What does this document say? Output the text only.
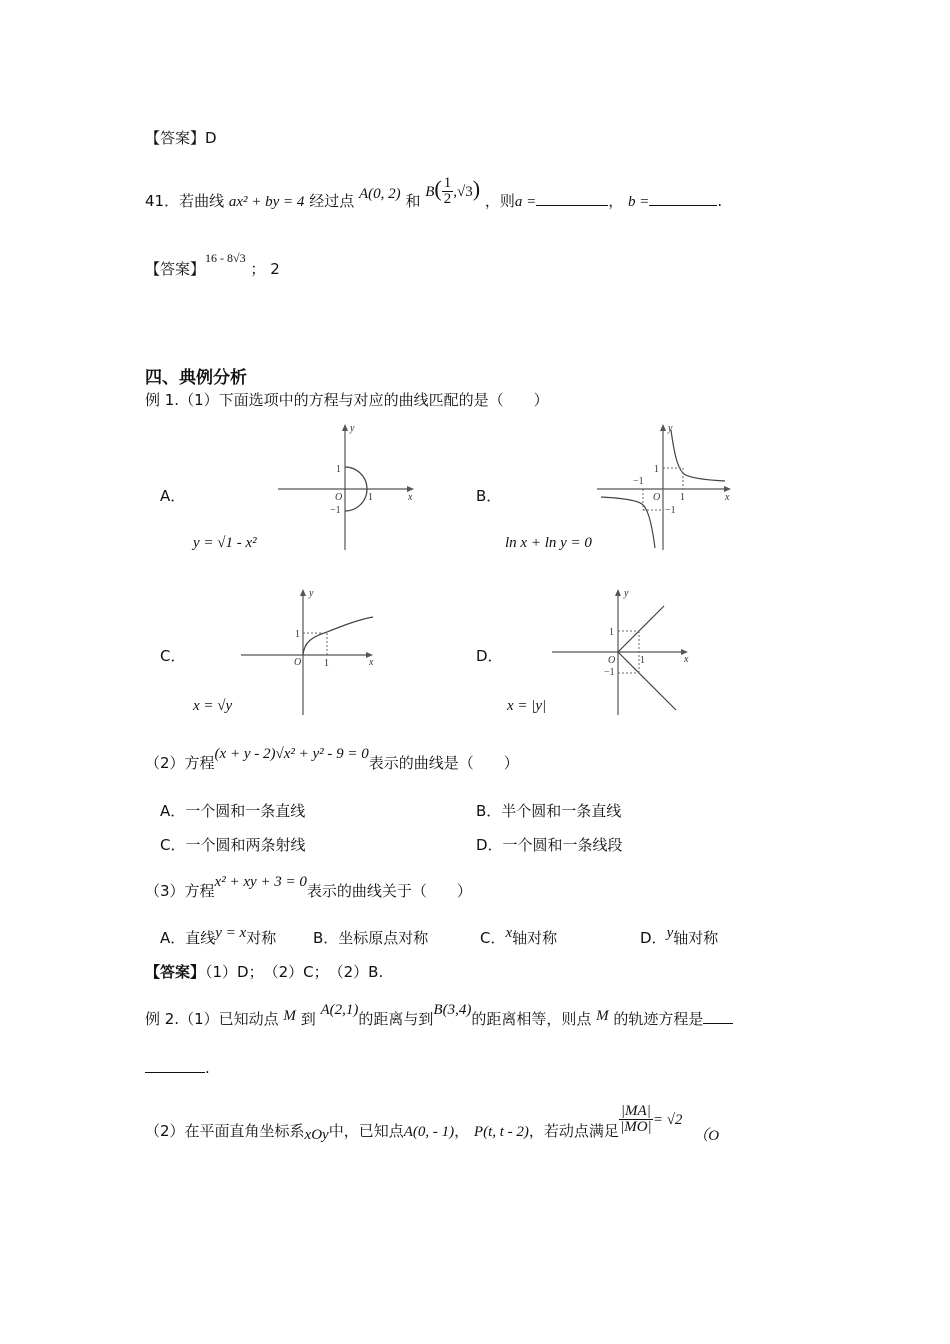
【答案】D
41．若曲线 ax² + by = 4 经过点 A(0, 2) 和 $B( \frac{1}{2} ,√3)$ ，则a =	， b =	.
【答案】$^{16 - 8√3}$ ； 2
四、典例分析
例 1.（1）下面选项中的方程与对应的曲线匹配的是（　　）
A．
y
x
O
1
1
−1
y = √1 - x²
B．
y
x
O
1
1
−1
−1
ln x + ln y = 0
C．
y
x
O
1
1
x = √y
D．
y
x
O
1
1
−1
x = |y|
（2）方程(x + y - 2)√x² + y² - 9 = 0表示的曲线是（　　）
A．一个圆和一条直线	B．半个圆和一条直线
C．一个圆和两条射线	D．一个圆和一条线段
（3）方程x² + xy + 3 = 0表示的曲线关于（　　）
A．直线y = x对称 B．坐标原点对称	C．x轴对称	D．y轴对称
【答案】（1）D；　（2）C；　（2）B.
例 2.（1）已知动点 M 到 A(2,1)的距离与到B(3,4)的距离相等，则点 M 的轨迹方程是
.
（2）在平面直角坐标系xOy中，已知点A(0, - 1)， P(t, t - 2)，若动点满足 $\frac{|MA|}{|MO|} = √2$ （O
